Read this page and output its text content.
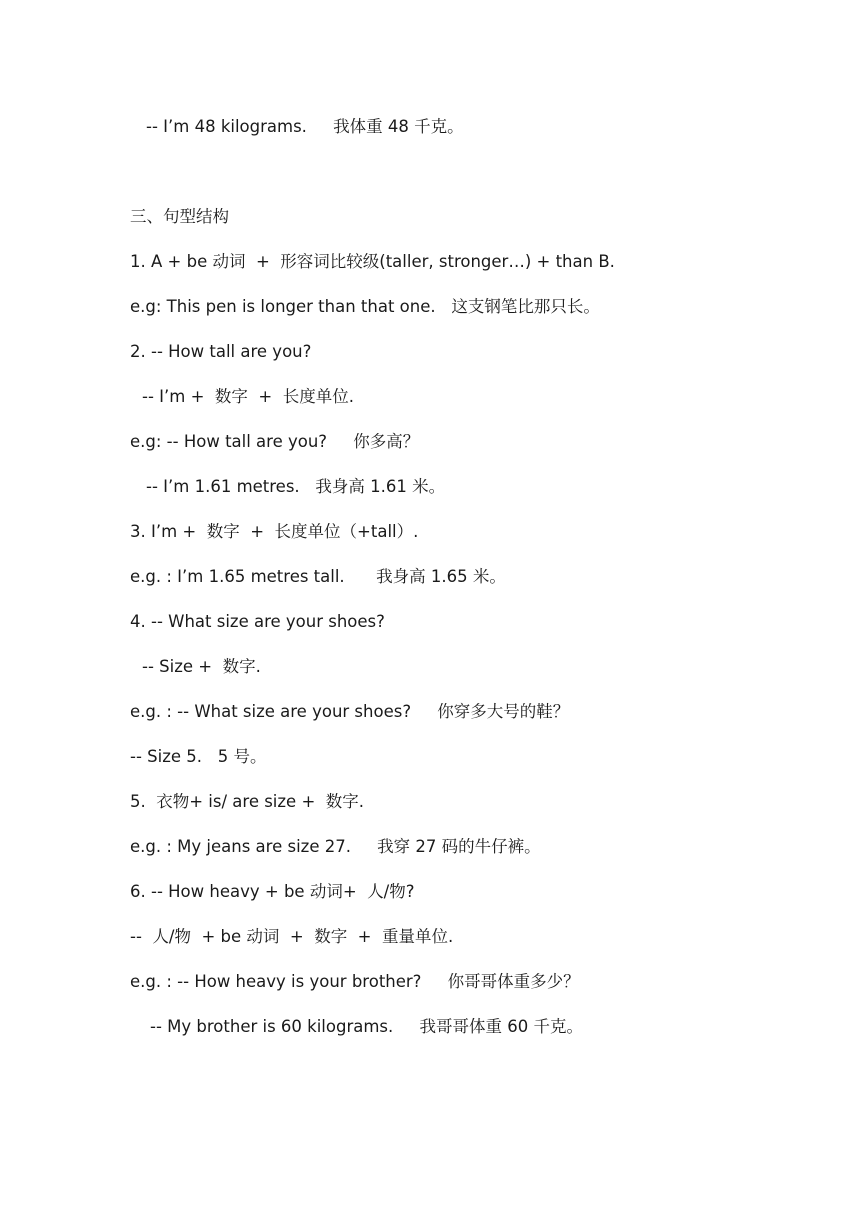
-- I’m 48 kilograms.     我体重 48 千克。
三、句型结构
1. A + be 动词  +  形容词比较级(taller, stronger…) + than B.
e.g: This pen is longer than that one.   这支钢笔比那只长。
2. -- How tall are you?
-- I’m +  数字  +  长度单位.
e.g: -- How tall are you?     你多高？
-- I’m 1.61 metres.   我身高 1.61 米。
3. I’m +  数字  +  长度单位（+tall）.
e.g. : I’m 1.65 metres tall.      我身高 1.65 米。
4. -- What size are your shoes?
-- Size +  数字.
e.g. : -- What size are your shoes?     你穿多大号的鞋？
-- Size 5.   5 号。
5.  衣物+ is/ are size +  数字.
e.g. : My jeans are size 27.     我穿 27 码的牛仔裤。
6. -- How heavy + be 动词+  人/物?
--  人/物  + be 动词  +  数字  +  重量单位.
e.g. : -- How heavy is your brother?     你哥哥体重多少？
-- My brother is 60 kilograms.     我哥哥体重 60 千克。
